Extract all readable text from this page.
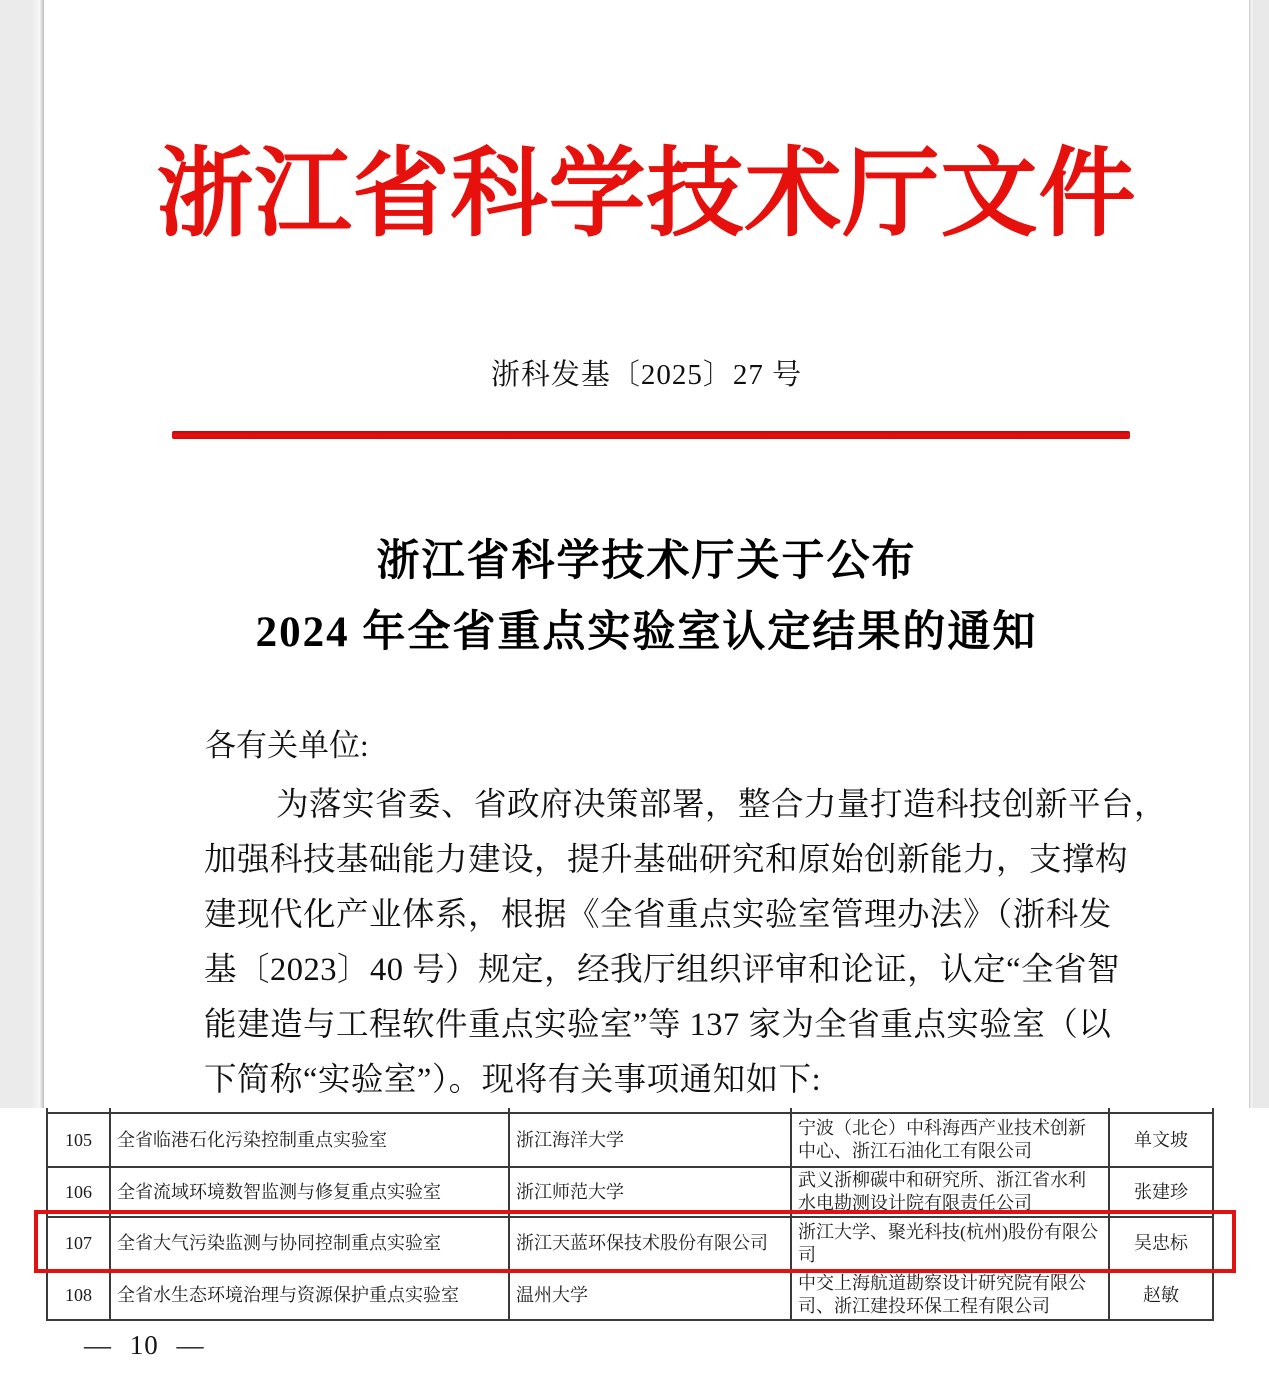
浙江省科学技术厅文件
浙科发基〔2025〕27 号
浙江省科学技术厅关于公布
2024 年全省重点实验室认定结果的通知
各有关单位:
为落实省委、省政府决策部署，整合力量打造科技创新平台，
加强科技基础能力建设，提升基础研究和原始创新能力，支撑构
建现代化产业体系，根据《全省重点实验室管理办法》（浙科发
基〔2023〕40 号）规定，经我厅组织评审和论证，认定“全省智
能建造与工程软件重点实验室”等 137 家为全省重点实验室（以
下简称“实验室”）。现将有关事项通知如下:

105	全省临港石化污染控制重点实验室	浙江海洋大学	宁波（北仑）中科海西产业技术创新中心、浙江石油化工有限公司	单文坡
106	全省流域环境数智监测与修复重点实验室	浙江师范大学	武义浙柳碳中和研究所、浙江省水利水电勘测设计院有限责任公司	张建珍
107	全省大气污染监测与协同控制重点实验室	浙江天蓝环保技术股份有限公司	浙江大学、聚光科技(杭州)股份有限公司	吴忠标
108	全省水生态环境治理与资源保护重点实验室	温州大学	中交上海航道勘察设计研究院有限公司、浙江建投环保工程有限公司	赵敏
— 10 —
